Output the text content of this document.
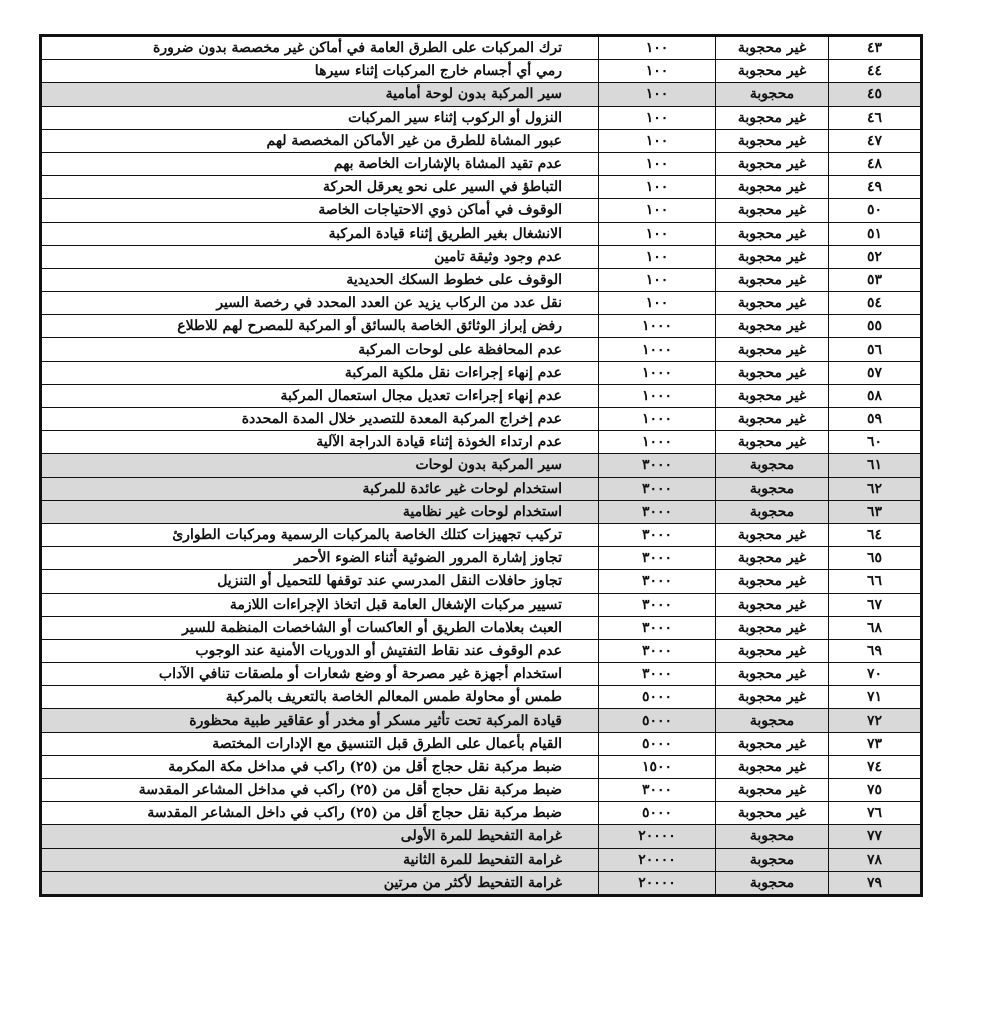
٤٣	غير محجوبة	١٠٠	ترك المركبات على الطرق العامة في أماكن غير مخصصة بدون ضرورة
٤٤	غير محجوبة	١٠٠	رمي أي أجسام خارج المركبات إثناء سيرها
٤٥	محجوبة	١٠٠	سير المركبة بدون لوحة أمامية
٤٦	غير محجوبة	١٠٠	النزول أو الركوب إثناء سير المركبات
٤٧	غير محجوبة	١٠٠	عبور المشاة للطرق من غير الأماكن المخصصة لهم
٤٨	غير محجوبة	١٠٠	عدم تقيد المشاة بالإشارات الخاصة بهم
٤٩	غير محجوبة	١٠٠	التباطؤ في السير على نحو يعرقل الحركة
٥٠	غير محجوبة	١٠٠	الوقوف في أماكن ذوي الاحتياجات الخاصة
٥١	غير محجوبة	١٠٠	الانشغال بغير الطريق إثناء قيادة المركبة
٥٢	غير محجوبة	١٠٠	عدم وجود وثيقة تامين
٥٣	غير محجوبة	١٠٠	الوقوف على خطوط السكك الحديدية
٥٤	غير محجوبة	١٠٠	نقل عدد من الركاب يزيد عن العدد المحدد في رخصة السير
٥٥	غير محجوبة	١٠٠٠	رفض إبراز الوثائق الخاصة بالسائق أو المركبة للمصرح لهم للاطلاع
٥٦	غير محجوبة	١٠٠٠	عدم المحافظة على لوحات المركبة
٥٧	غير محجوبة	١٠٠٠	عدم إنهاء إجراءات نقل ملكية المركبة
٥٨	غير محجوبة	١٠٠٠	عدم إنهاء إجراءات تعديل مجال استعمال المركبة
٥٩	غير محجوبة	١٠٠٠	عدم إخراج المركبة المعدة للتصدير خلال المدة المحددة
٦٠	غير محجوبة	١٠٠٠	عدم ارتداء الخوذة إثناء قيادة الدراجة الآلية
٦١	محجوبة	٣٠٠٠	سير المركبة بدون لوحات
٦٢	محجوبة	٣٠٠٠	استخدام لوحات غير عائدة للمركبة
٦٣	محجوبة	٣٠٠٠	استخدام لوحات غير نظامية
٦٤	غير محجوبة	٣٠٠٠	تركيب تجهيزات كتلك الخاصة بالمركبات الرسمية ومركبات الطوارئ
٦٥	غير محجوبة	٣٠٠٠	تجاوز إشارة المرور الضوئية أثناء الضوء الأحمر
٦٦	غير محجوبة	٣٠٠٠	تجاوز حافلات النقل المدرسي عند توقفها للتحميل أو التنزيل
٦٧	غير محجوبة	٣٠٠٠	تسيير مركبات الإشغال العامة قبل اتخاذ الإجراءات اللازمة
٦٨	غير محجوبة	٣٠٠٠	العبث بعلامات الطريق أو العاكسات أو الشاخصات المنظمة للسير
٦٩	غير محجوبة	٣٠٠٠	عدم الوقوف عند نقاط التفتيش أو الدوريات الأمنية عند الوجوب
٧٠	غير محجوبة	٣٠٠٠	استخدام أجهزة غير مصرحة أو وضع شعارات أو ملصقات تنافي الآداب
٧١	غير محجوبة	٥٠٠٠	طمس أو محاولة طمس المعالم الخاصة بالتعريف بالمركبة
٧٢	محجوبة	٥٠٠٠	قيادة المركبة تحت تأثير مسكر أو مخدر أو عقاقير طبية محظورة
٧٣	غير محجوبة	٥٠٠٠	القيام بأعمال على الطرق قبل التنسيق مع الإدارات المختصة
٧٤	غير محجوبة	١٥٠٠	ضبط مركبة نقل حجاج أقل من (٢٥) راكب في مداخل مكة المكرمة
٧٥	غير محجوبة	٣٠٠٠	ضبط مركبة نقل حجاج أقل من (٢٥) راكب في مداخل المشاعر المقدسة
٧٦	غير محجوبة	٥٠٠٠	ضبط مركبة نقل حجاج أقل من (٢٥) راكب في داخل المشاعر المقدسة
٧٧	محجوبة	٢٠٠٠٠	غرامة التفحيط للمرة الأولى
٧٨	محجوبة	٢٠٠٠٠	غرامة التفحيط للمرة الثانية
٧٩	محجوبة	٢٠٠٠٠	غرامة التفحيط لأكثر من مرتين
